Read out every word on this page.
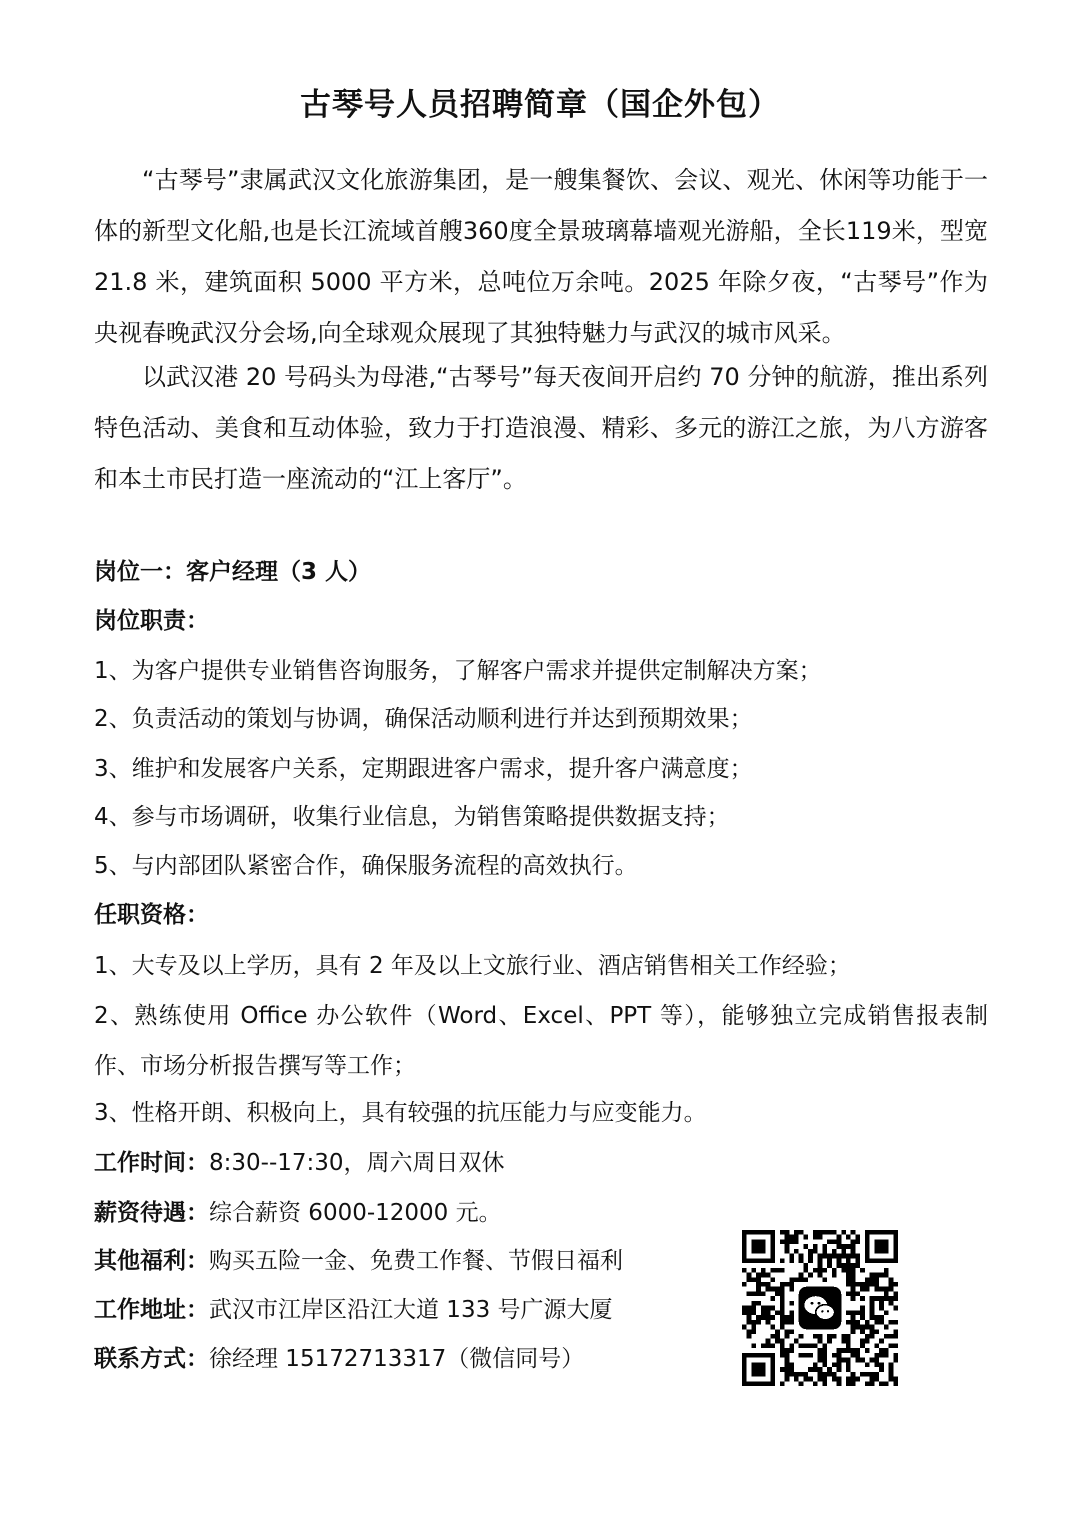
古琴号人员招聘简章（国企外包）

“古琴号”隶属武汉文化旅游集团，是一艘集餐饮、会议、观光、休闲等功能于一体的新型文化船,也是长江流域首艘360度全景玻璃幕墙观光游船，全长119米，型宽 21.8 米，建筑面积 5000 平方米，总吨位万余吨。2025 年除夕夜，“古琴号”作为央视春晚武汉分会场,向全球观众展现了其独特魅力与武汉的城市风采。

以武汉港 20 号码头为母港,“古琴号”每天夜间开启约 70 分钟的航游，推出系列特色活动、美食和互动体验，致力于打造浪漫、精彩、多元的游江之旅，为八方游客和本土市民打造一座流动的“江上客厅”。

岗位一：客户经理（3 人）
岗位职责：
1、为客户提供专业销售咨询服务，了解客户需求并提供定制解决方案；
2、负责活动的策划与协调，确保活动顺利进行并达到预期效果；
3、维护和发展客户关系，定期跟进客户需求，提升客户满意度；
4、参与市场调研，收集行业信息，为销售策略提供数据支持；
5、与内部团队紧密合作，确保服务流程的高效执行。
任职资格：
1、大专及以上学历，具有 2 年及以上文旅行业、酒店销售相关工作经验；
2、熟练使用 Office 办公软件（Word、Excel、PPT 等），能够独立完成销售报表制作、市场分析报告撰写等工作；
3、性格开朗、积极向上，具有较强的抗压能力与应变能力。
工作时间：8:30--17:30，周六周日双休
薪资待遇：综合薪资 6000-12000 元。
其他福利：购买五险一金、免费工作餐、节假日福利
工作地址：武汉市江岸区沿江大道 133 号广源大厦
联系方式：徐经理 15172713317（微信同号）
